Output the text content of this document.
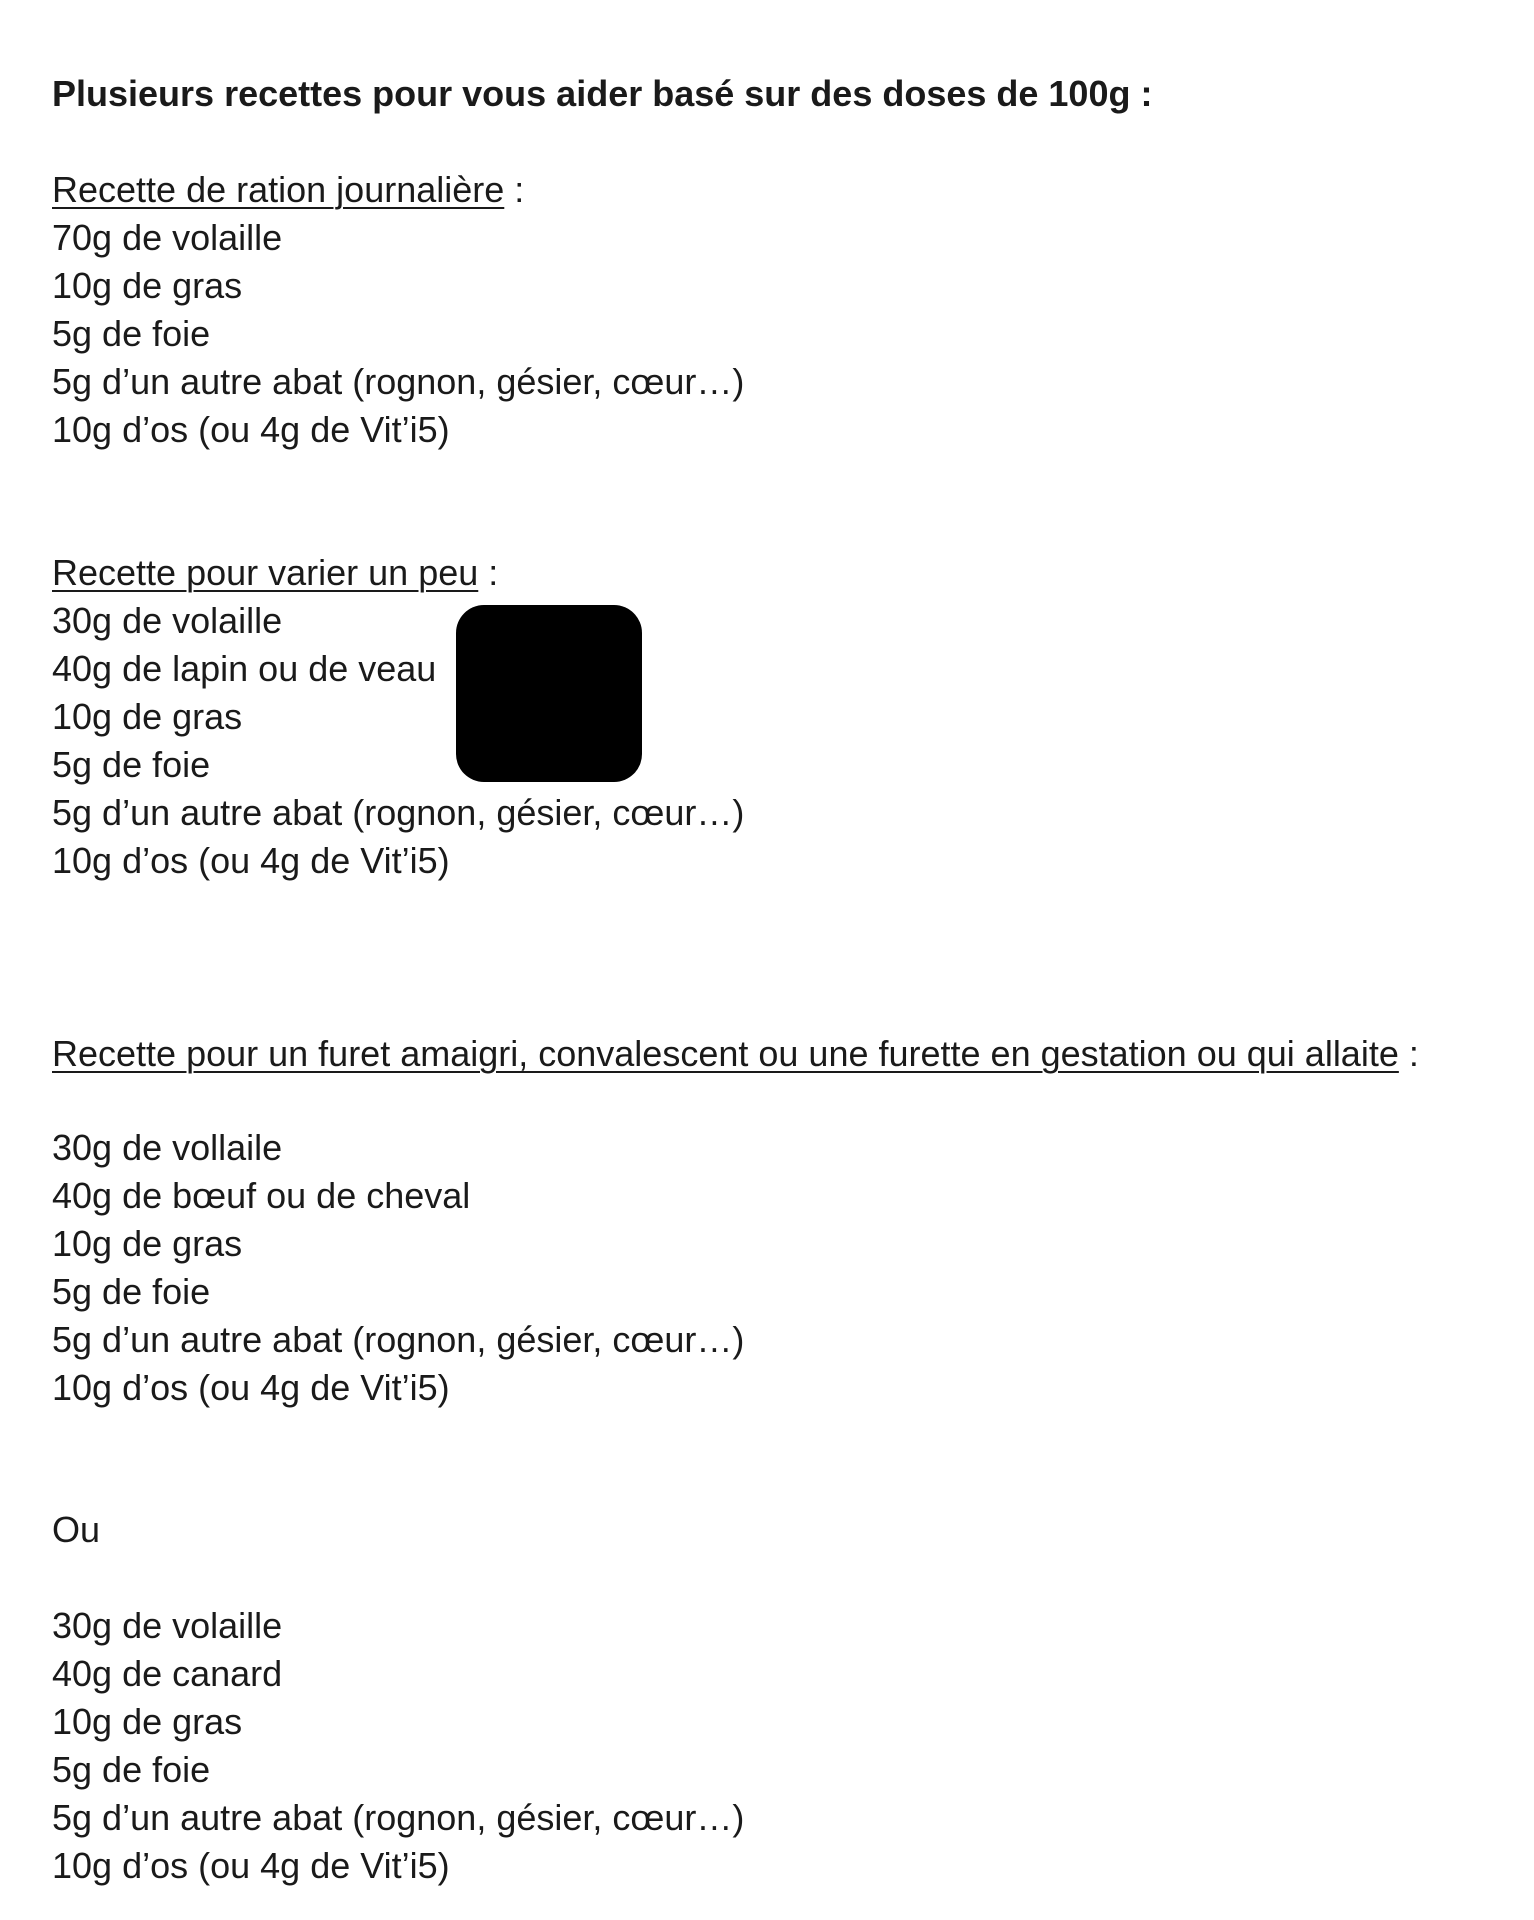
Plusieurs recettes pour vous aider basé sur des doses de 100g :
Recette de ration journalière :
70g de volaille
10g de gras
5g de foie
5g d’un autre abat (rognon, gésier, cœur…)
10g d’os (ou 4g de Vit’i5)
Recette pour varier un peu :
30g de volaille
40g de lapin ou de veau
10g de gras
5g de foie
5g d’un autre abat (rognon, gésier, cœur…)
10g d’os (ou 4g de Vit’i5)
Recette pour un furet amaigri, convalescent ou une furette en gestation ou qui allaite :
30g de vollaile
40g de bœuf ou de cheval
10g de gras
5g de foie
5g d’un autre abat (rognon, gésier, cœur…)
10g d’os (ou 4g de Vit’i5)
Ou
30g de volaille
40g de canard
10g de gras
5g de foie
5g d’un autre abat (rognon, gésier, cœur…)
10g d’os (ou 4g de Vit’i5)
